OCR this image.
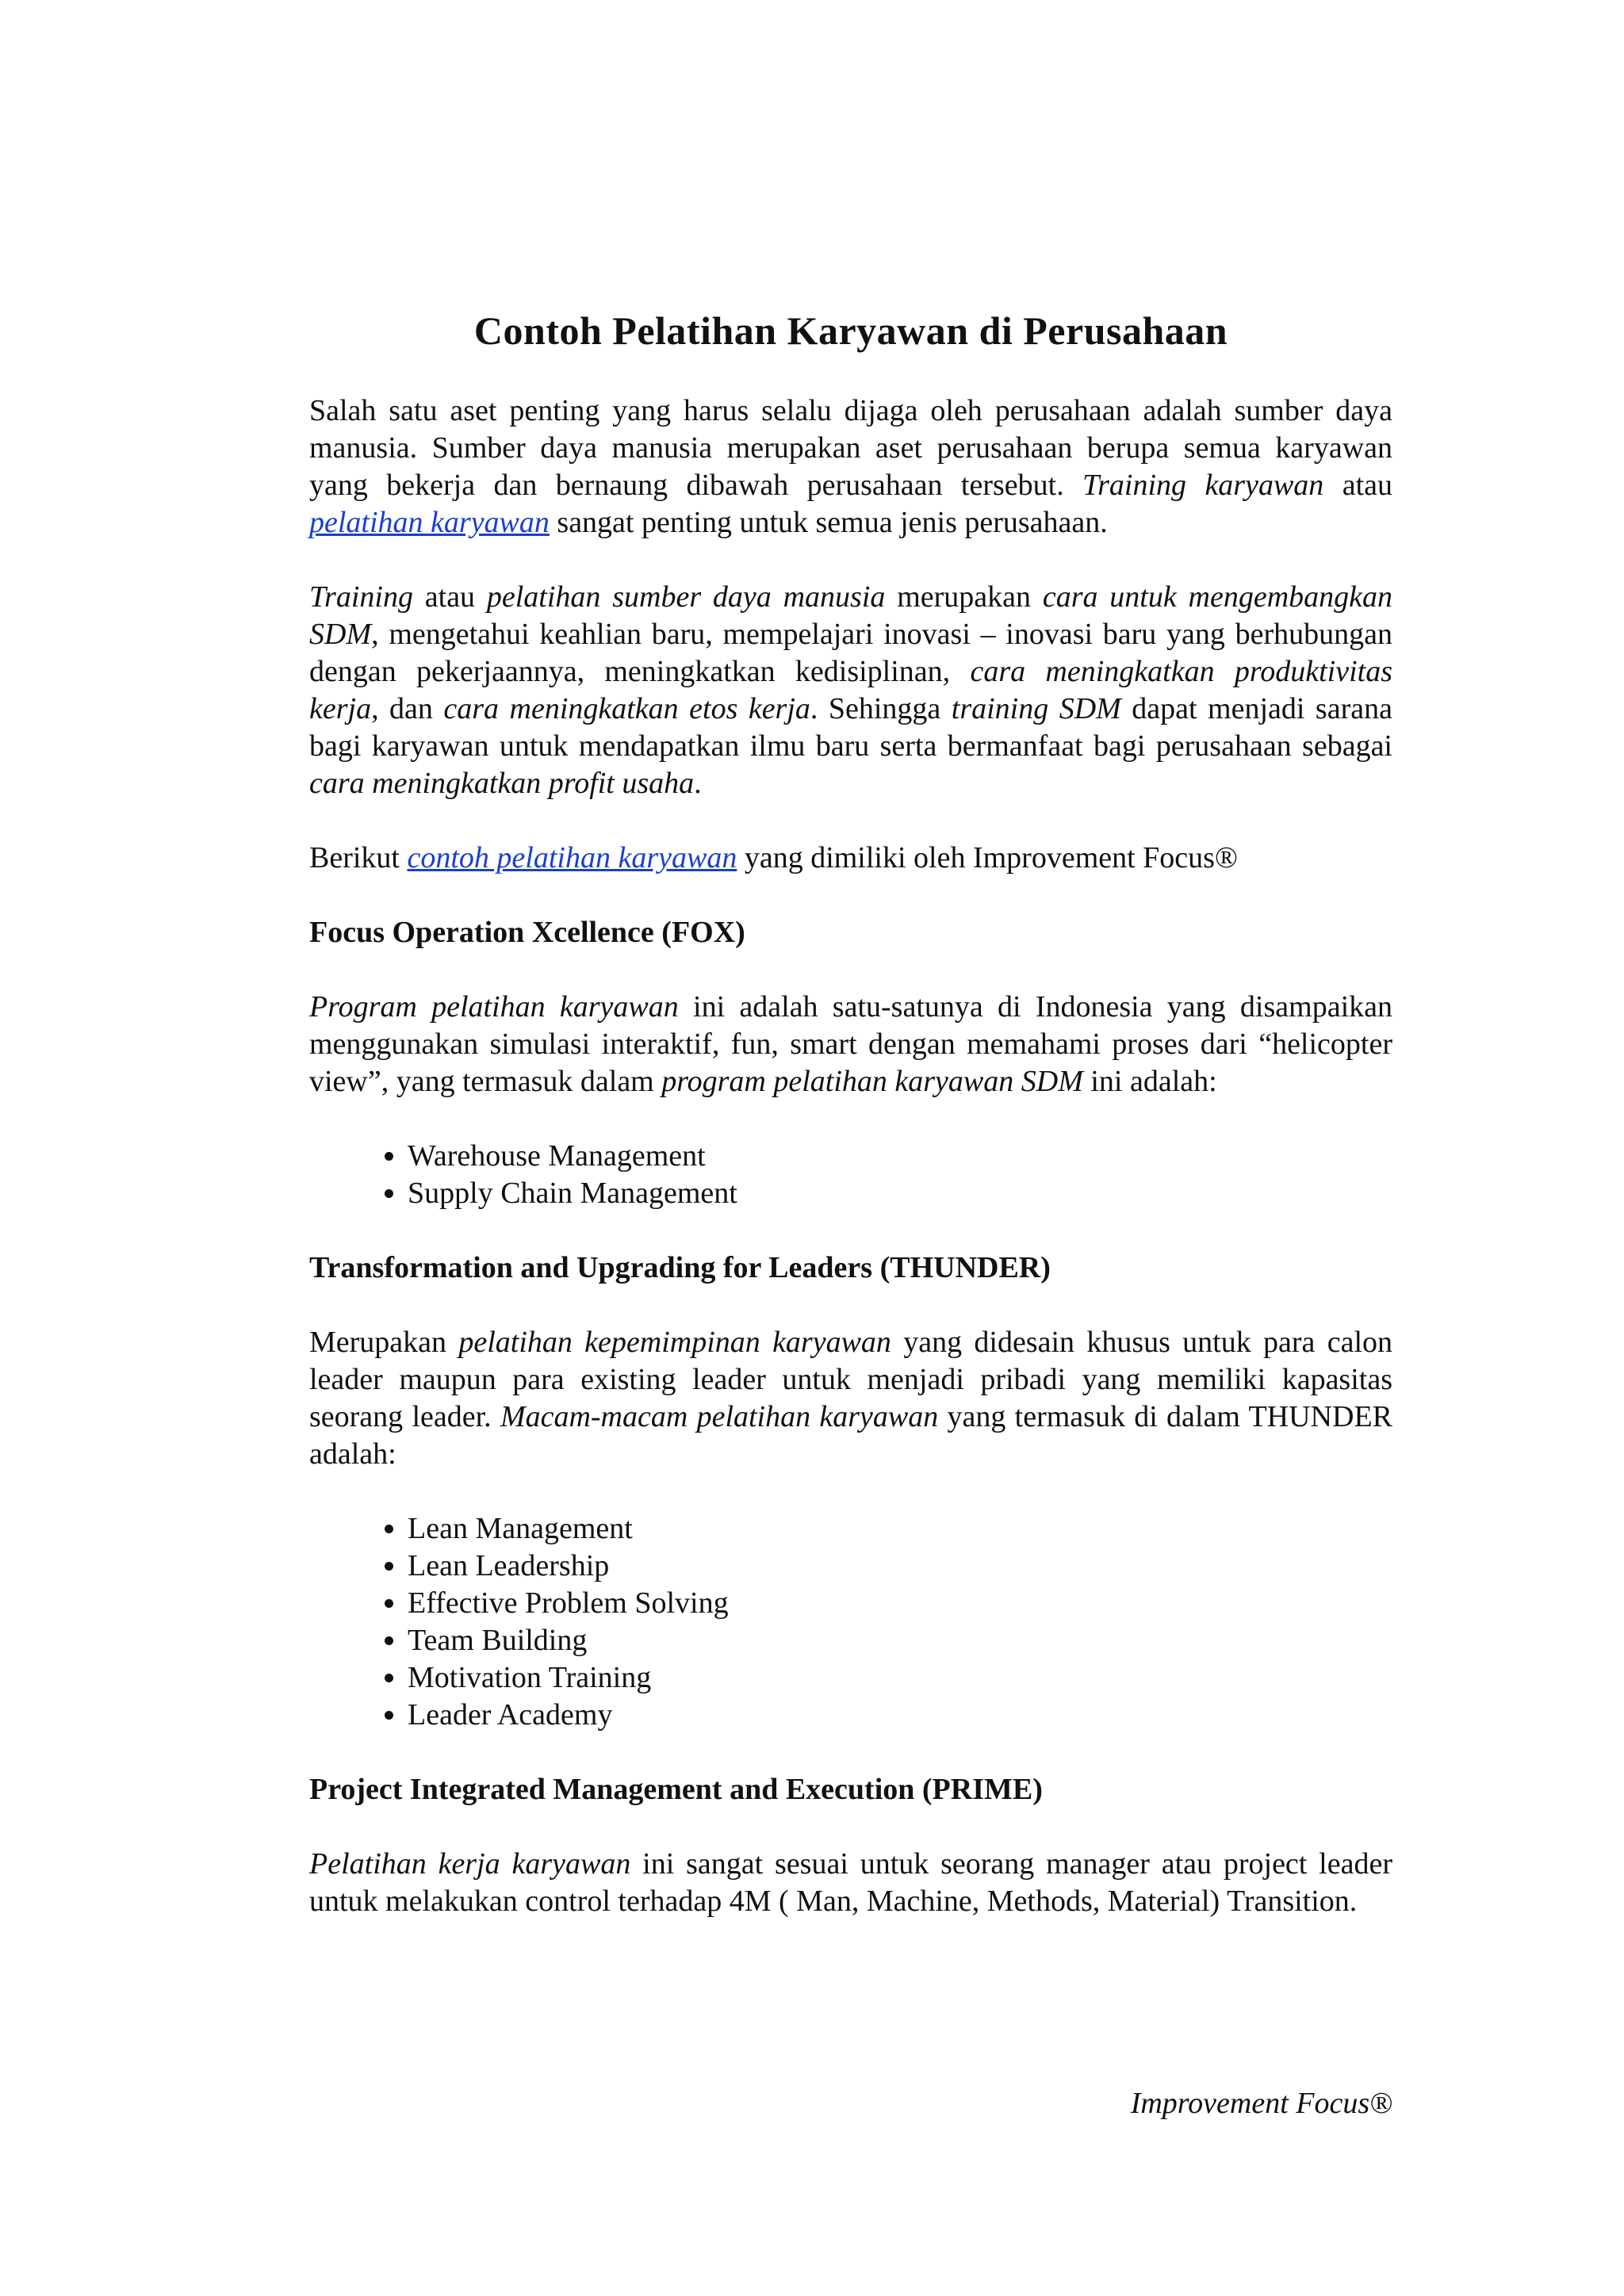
Contoh Pelatihan Karyawan di Perusahaan

Salah satu aset penting yang harus selalu dijaga oleh perusahaan adalah sumber daya manusia. Sumber daya manusia merupakan aset perusahaan berupa semua karyawan yang bekerja dan bernaung dibawah perusahaan tersebut. Training karyawan atau pelatihan karyawan sangat penting untuk semua jenis perusahaan.

Training atau pelatihan sumber daya manusia merupakan cara untuk mengembangkan SDM, mengetahui keahlian baru, mempelajari inovasi – inovasi baru yang berhubungan dengan pekerjaannya, meningkatkan kedisiplinan, cara meningkatkan produktivitas kerja, dan cara meningkatkan etos kerja. Sehingga training SDM dapat menjadi sarana bagi karyawan untuk mendapatkan ilmu baru serta bermanfaat bagi perusahaan sebagai cara meningkatkan profit usaha.

Berikut contoh pelatihan karyawan yang dimiliki oleh Improvement Focus®

Focus Operation Xcellence (FOX)

Program pelatihan karyawan ini adalah satu-satunya di Indonesia yang disampaikan menggunakan simulasi interaktif, fun, smart dengan memahami proses dari “helicopter view”, yang termasuk dalam program pelatihan karyawan SDM ini adalah:

• Warehouse Management
• Supply Chain Management
Transformation and Upgrading for Leaders (THUNDER)

Merupakan pelatihan kepemimpinan karyawan yang didesain khusus untuk para calon leader maupun para existing leader untuk menjadi pribadi yang memiliki kapasitas seorang leader. Macam-macam pelatihan karyawan yang termasuk di dalam THUNDER adalah:

• Lean Management
• Lean Leadership
• Effective Problem Solving
• Team Building
• Motivation Training
• Leader Academy
Project Integrated Management and Execution (PRIME)

Pelatihan kerja karyawan ini sangat sesuai untuk seorang manager atau project leader untuk melakukan control terhadap 4M ( Man, Machine, Methods, Material) Transition.

Improvement Focus®
